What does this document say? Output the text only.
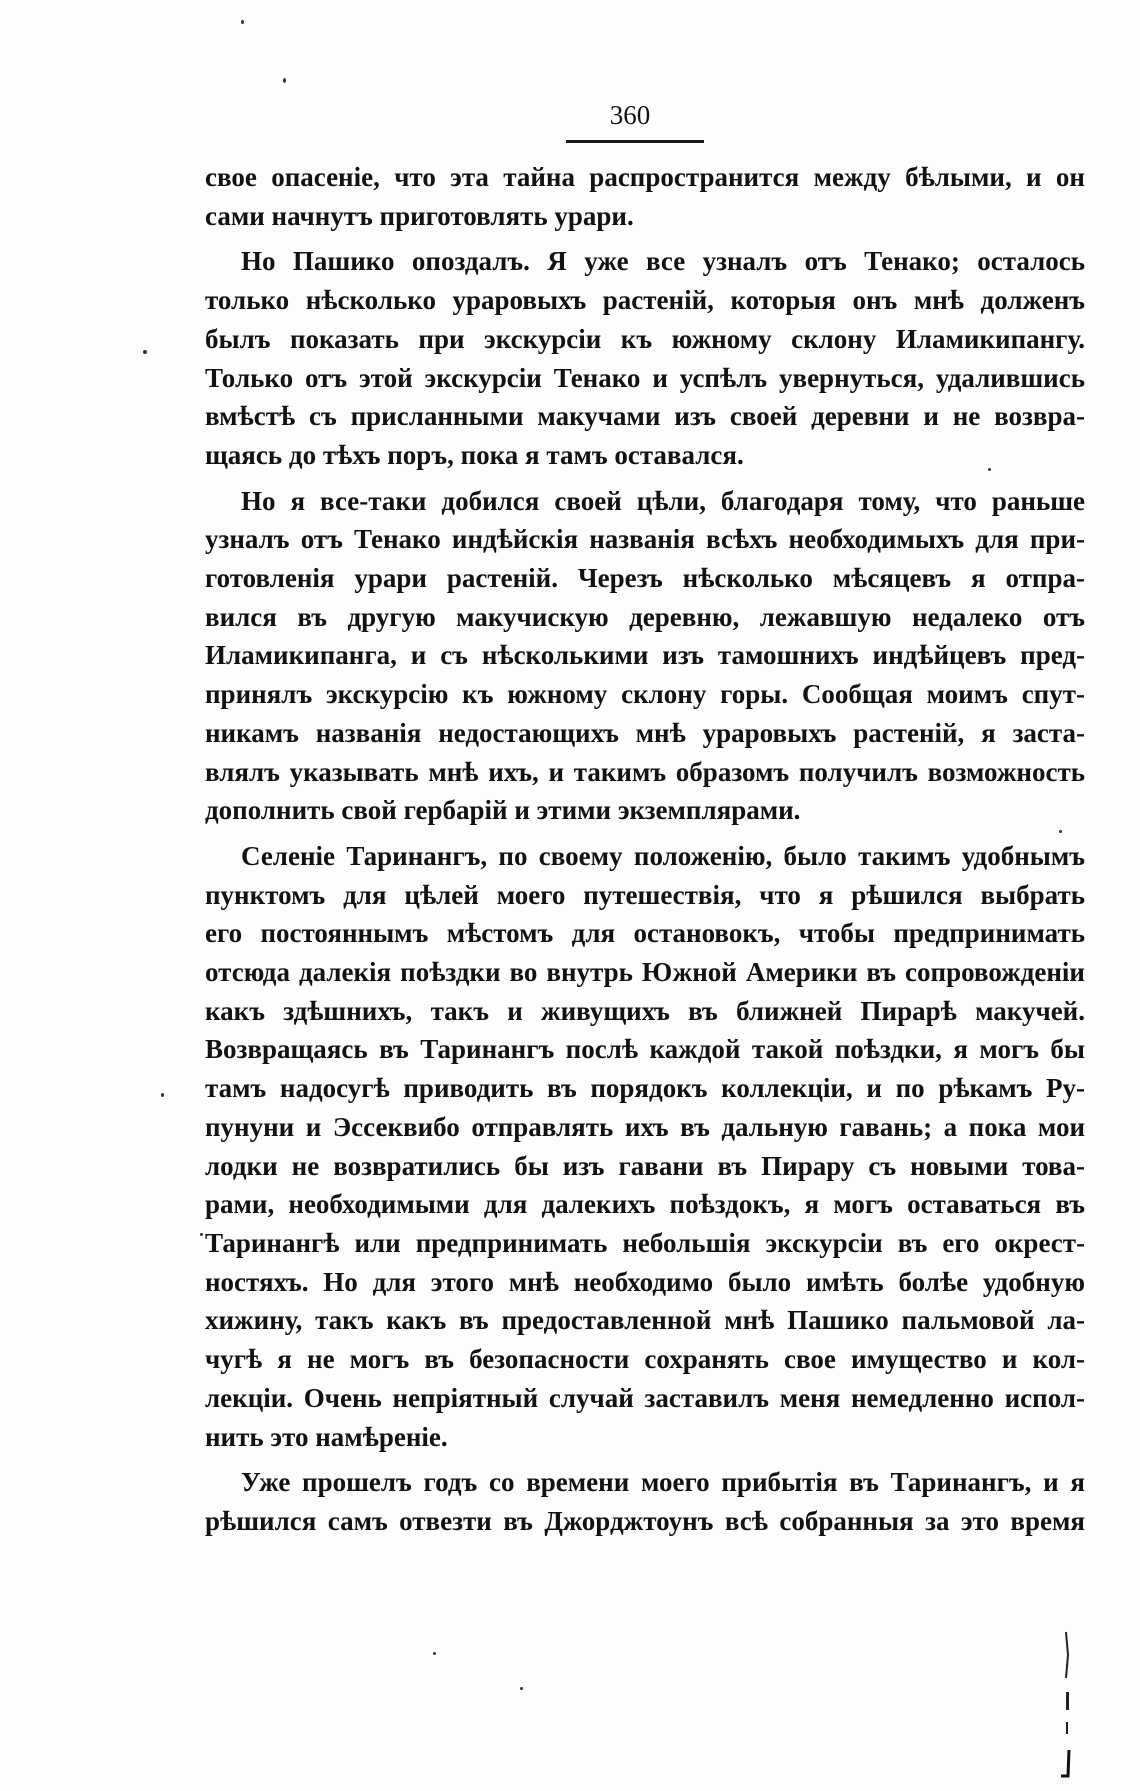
360
свое опасеніе, что эта тайна распространится между бѣлыми, и он
сами начнутъ приготовлять урари.
Но Пашико опоздалъ. Я уже все узналъ отъ Тенако; осталось
только нѣсколько ураровыхъ растеній, которыя онъ мнѣ долженъ
былъ показать при экскурсіи къ южному склону Иламикипангу.
Только отъ этой экскурсіи Тенако и успѣлъ увернуться, удалившись
вмѣстѣ съ присланными макучами изъ своей деревни и не возвра-
щаясь до тѣхъ поръ, пока я тамъ оставался.
Но я все-таки добился своей цѣли, благодаря тому, что раньше
узналъ отъ Тенако индѣйскія названія всѣхъ необходимыхъ для при-
готовленія урари растеній. Черезъ нѣсколько мѣсяцевъ я отпра-
вился въ другую макучискую деревню, лежавшую недалеко отъ
Иламикипанга, и съ нѣсколькими изъ тамошнихъ индѣйцевъ пред-
принялъ экскурсію къ южному склону горы. Сообщая моимъ спут-
никамъ названія недостающихъ мнѣ ураровыхъ растеній, я заста-
влялъ указывать мнѣ ихъ, и такимъ образомъ получилъ возможность
дополнить свой гербарій и этими экземплярами.
Селеніе Таринангъ, по своему положенію, было такимъ удобнымъ
пунктомъ для цѣлей моего путешествія, что я рѣшился выбрать
его постояннымъ мѣстомъ для остановокъ, чтобы предпринимать
отсюда далекія поѣздки во внутрь Южной Америки въ сопровожденіи
какъ здѣшнихъ, такъ и живущихъ въ ближней Пирарѣ макучей.
Возвращаясь въ Таринангъ послѣ каждой такой поѣздки, я могъ бы
тамъ надосугѣ приводить въ порядокъ коллекціи, и по рѣкамъ Ру-
пунуни и Эссеквибо отправлять ихъ въ дальную гавань; а пока мои
лодки не возвратились бы изъ гавани въ Пирару съ новыми това-
рами, необходимыми для далекихъ поѣздокъ, я могъ оставаться въ
Таринангѣ или предпринимать небольшія экскурсіи въ его окрест-
ностяхъ. Но для этого мнѣ необходимо было имѣть болѣе удобную
хижину, такъ какъ въ предоставленной мнѣ Пашико пальмовой ла-
чугѣ я не могъ въ безопасности сохранять свое имущество и кол-
лекціи. Очень непріятный случай заставилъ меня немедленно испол-
нить это намѣреніе.
Уже прошелъ годъ со времени моего прибытія въ Таринангъ, и я
рѣшился самъ отвезти въ Джорджтоунъ всѣ собранныя за это время
